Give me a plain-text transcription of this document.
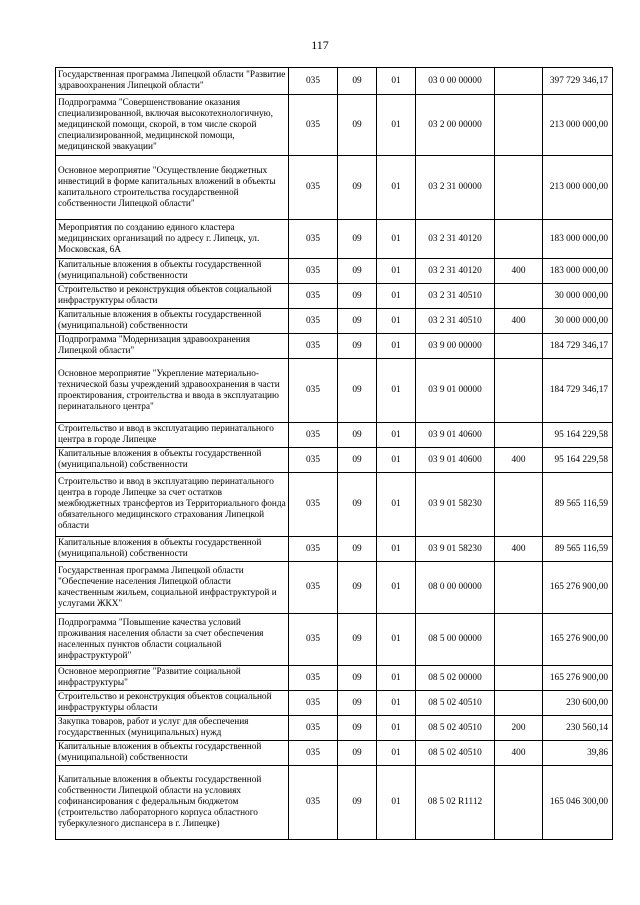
117
Государственная программа Липецкой области "Развитие здравоохранения Липецкой области"	035	09	01	03 0 00 00000		397 729 346,17
Подпрограмма "Совершенствование оказания специализированной, включая высокотехнологичную, медицинской помощи, скорой, в том числе скорой специализированной, медицинской помощи, медицинской эвакуации"	035	09	01	03 2 00 00000		213 000 000,00
Основное мероприятие "Осуществление бюджетных инвестиций в форме капитальных вложений в объекты капитального строительства государственной собственности Липецкой области"	035	09	01	03 2 31 00000		213 000 000,00
Мероприятия по созданию единого кластера медицинских организаций по адресу г. Липецк, ул. Московская, 6А	035	09	01	03 2 31 40120		183 000 000,00
Капитальные вложения в объекты государственной (муниципальной) собственности	035	09	01	03 2 31 40120	400	183 000 000,00
Строительство и реконструкция объектов социальной инфраструктуры области	035	09	01	03 2 31 40510		30 000 000,00
Капитальные вложения в объекты государственной (муниципальной) собственности	035	09	01	03 2 31 40510	400	30 000 000,00
Подпрограмма "Модернизация здравоохранения Липецкой области"	035	09	01	03 9 00 00000		184 729 346,17
Основное мероприятие "Укрепление материально-технической базы учреждений здравоохранения в части проектирования, строительства и ввода в эксплуатацию перинатального центра"	035	09	01	03 9 01 00000		184 729 346,17
Строительство и ввод в эксплуатацию перинатального центра в городе Липецке	035	09	01	03 9 01 40600		95 164 229,58
Капитальные вложения в объекты государственной (муниципальной) собственности	035	09	01	03 9 01 40600	400	95 164 229,58
Строительство и ввод в эксплуатацию перинатального центра в городе Липецке за счет остатков межбюджетных трансфертов из Территориального фонда обязательного медицинского страхования Липецкой области	035	09	01	03 9 01 58230		89 565 116,59
Капитальные вложения в объекты государственной (муниципальной) собственности	035	09	01	03 9 01 58230	400	89 565 116,59
Государственная программа Липецкой области "Обеспечение населения Липецкой области качественным жильем, социальной инфраструктурой и услугами ЖКХ"	035	09	01	08 0 00 00000		165 276 900,00
Подпрограмма "Повышение качества условий проживания населения области за счет обеспечения населенных пунктов области социальной инфраструктурой"	035	09	01	08 5 00 00000		165 276 900,00
Основное мероприятие "Развитие социальной инфраструктуры"	035	09	01	08 5 02 00000		165 276 900,00
Строительство и реконструкция объектов социальной инфраструктуры области	035	09	01	08 5 02 40510		230 600,00
Закупка товаров, работ и услуг для обеспечения государственных (муниципальных) нужд	035	09	01	08 5 02 40510	200	230 560,14
Капитальные вложения в объекты государственной (муниципальной) собственности	035	09	01	08 5 02 40510	400	39,86
Капитальные вложения в объекты государственной собственности Липецкой области на условиях софинансирования с федеральным бюджетом (строительство лабораторного корпуса областного туберкулезного диспансера в г. Липецке)	035	09	01	08 5 02 R1112		165 046 300,00
